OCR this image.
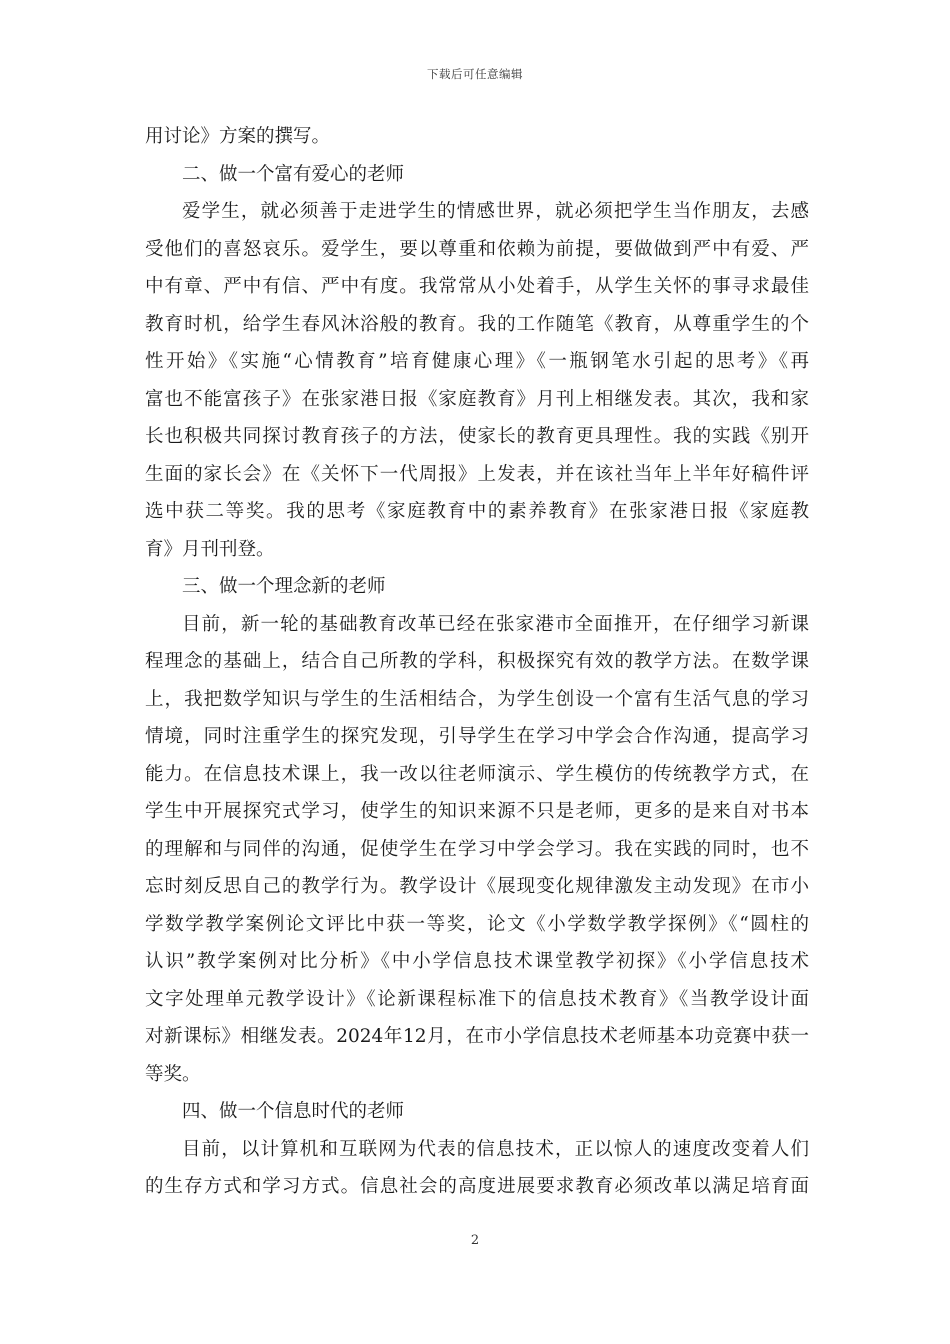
下载后可任意编辑
用讨论》方案的撰写。
二、做一个富有爱心的老师
爱学生，就必须善于走进学生的情感世界，就必须把学生当作朋友，去感
受他们的喜怒哀乐。爱学生，要以尊重和依赖为前提，要做做到严中有爱、严
中有章、严中有信、严中有度。我常常从小处着手，从学生关怀的事寻求最佳
教育时机，给学生春风沐浴般的教育。我的工作随笔《教育，从尊重学生的个
性开始》《实施“心情教育”培育健康心理》《一瓶钢笔水引起的思考》《再
富也不能富孩子》在张家港日报《家庭教育》月刊上相继发表。其次，我和家
长也积极共同探讨教育孩子的方法，使家长的教育更具理性。我的实践《别开
生面的家长会》在《关怀下一代周报》上发表，并在该社当年上半年好稿件评
选中获二等奖。我的思考《家庭教育中的素养教育》在张家港日报《家庭教
育》月刊刊登。
三、做一个理念新的老师
目前，新一轮的基础教育改革已经在张家港市全面推开，在仔细学习新课
程理念的基础上，结合自己所教的学科，积极探究有效的教学方法。在数学课
上，我把数学知识与学生的生活相结合，为学生创设一个富有生活气息的学习
情境，同时注重学生的探究发现，引导学生在学习中学会合作沟通，提高学习
能力。在信息技术课上，我一改以往老师演示、学生模仿的传统教学方式，在
学生中开展探究式学习，使学生的知识来源不只是老师，更多的是来自对书本
的理解和与同伴的沟通，促使学生在学习中学会学习。我在实践的同时，也不
忘时刻反思自己的教学行为。教学设计《展现变化规律激发主动发现》在市小
学数学教学案例论文评比中获一等奖，论文《小学数学教学探例》《“圆柱的
认识”教学案例对比分析》《中小学信息技术课堂教学初探》《小学信息技术
文字处理单元教学设计》《论新课程标准下的信息技术教育》《当教学设计面
对新课标》相继发表。2024年12月，在市小学信息技术老师基本功竞赛中获一
等奖。
四、做一个信息时代的老师
目前，以计算机和互联网为代表的信息技术，正以惊人的速度改变着人们
的生存方式和学习方式。信息社会的高度进展要求教育必须改革以满足培育面
2
